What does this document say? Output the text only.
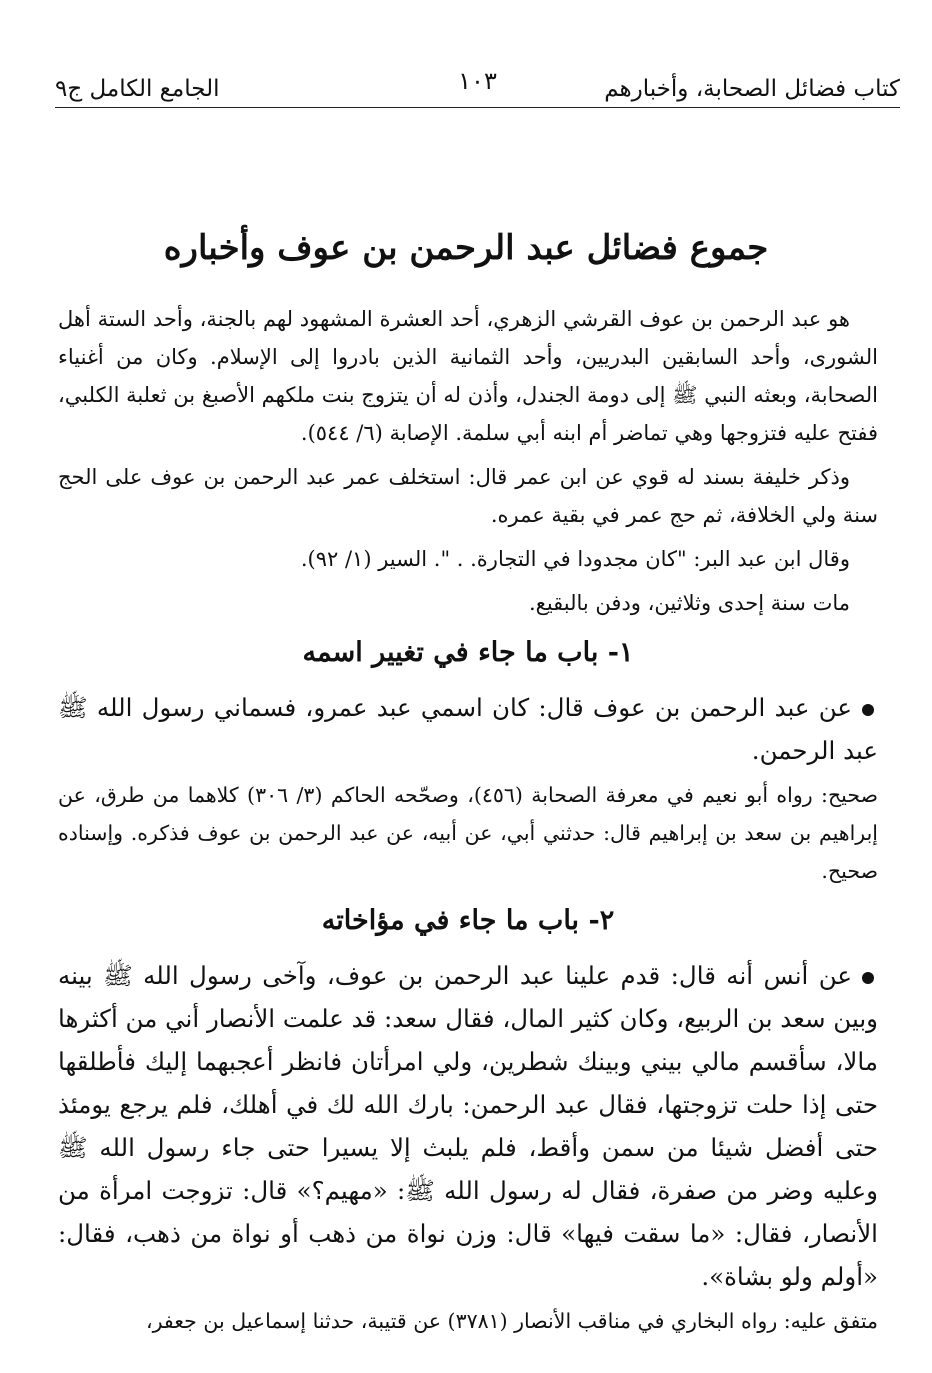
كتاب فضائل الصحابة، وأخبارهم
١٠٣
الجامع الكامل ج٩
جموع فضائل عبد الرحمن بن عوف وأخباره

هو عبد الرحمن بن عوف القرشي الزهري، أحد العشرة المشهود لهم بالجنة، وأحد الستة أهل الشورى، وأحد السابقين البدريين، وأحد الثمانية الذين بادروا إلى الإسلام. وكان من أغنياء الصحابة، وبعثه النبي ﷺ إلى دومة الجندل، وأذن له أن يتزوج بنت ملكهم الأصبغ بن ثعلبة الكلبي، ففتح عليه فتزوجها وهي تماضر أم ابنه أبي سلمة. الإصابة (٦/ ٥٤٤).

وذكر خليفة بسند له قوي عن ابن عمر قال: استخلف عمر عبد الرحمن بن عوف على الحج سنة ولي الخلافة، ثم حج عمر في بقية عمره.

وقال ابن عبد البر: "كان مجدودا في التجارة. . ". السير (١/ ٩٢).

مات سنة إحدى وثلاثين، ودفن بالبقيع.

١- باب ما جاء في تغيير اسمه

عن عبد الرحمن بن عوف قال: كان اسمي عبد عمرو، فسماني رسول الله ﷺ عبد الرحمن.

صحيح: رواه أبو نعيم في معرفة الصحابة (٤٥٦)، وصحّحه الحاكم (٣/ ٣٠٦) كلاهما من طرق، عن إبراهيم بن سعد بن إبراهيم قال: حدثني أبي، عن أبيه، عن عبد الرحمن بن عوف فذكره. وإسناده صحيح.

٢- باب ما جاء في مؤاخاته

عن أنس أنه قال: قدم علينا عبد الرحمن بن عوف، وآخى رسول الله ﷺ بينه وبين سعد بن الربيع، وكان كثير المال، فقال سعد: قد علمت الأنصار أني من أكثرها مالا، سأقسم مالي بيني وبينك شطرين، ولي امرأتان فانظر أعجبهما إليك فأطلقها حتى إذا حلت تزوجتها، فقال عبد الرحمن: بارك الله لك في أهلك، فلم يرجع يومئذ حتى أفضل شيئا من سمن وأقط، فلم يلبث إلا يسيرا حتى جاء رسول الله ﷺ وعليه وضر من صفرة، فقال له رسول الله ﷺ: «مهيم؟» قال: تزوجت امرأة من الأنصار، فقال: «ما سقت فيها» قال: وزن نواة من ذهب أو نواة من ذهب، فقال: «أولم ولو بشاة».

متفق عليه: رواه البخاري في مناقب الأنصار (٣٧٨١) عن قتيبة، حدثنا إسماعيل بن جعفر،
